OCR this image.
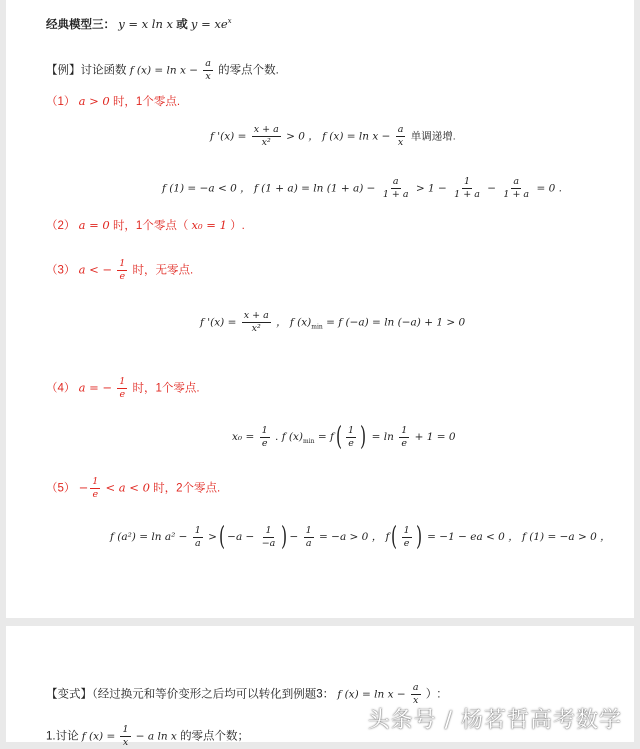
经典模型三： y = x ln x 或 $y = xe^x$
【例】讨论函数 f $(x) = \ln x - \frac{a}{x}$ 的零点个数.
（1） a > 0 时，1个零点.
f '$(x) = \frac{x + a}{\text{x²}} > 0$ ， f $(x) = \ln x - \frac{a}{x}$ 单调递增.
f (1) = −a < 0 ， f $(1 + a) = \ln (1 + a) - \frac{a}{1 + a} > 1 - \frac{1}{1 + a} - \frac{a}{1 + a} = 0$ .
（2） a = 0 时，1个零点（ x₀ = 1 ）.
（3） a < − $\frac{1}{e}$ 时，无零点.
f '$(x) = \frac{x + a}{\text{x²}}$ ， f $(x)_{min} = f$ (−a) = ln (−a) + 1 > 0
（4） a = − $\frac{1}{e}$ 时，1个零点.
$x_0 = \frac{1}{e}$ . f $(x)_{min} = f( \frac{1}{e}$ ) = $\ln \frac{1}{e} + 1 = 0$
$(5) - \frac{1}{e} < a < 0$ 时，2个零点.
f $(a^2) = \ln a^2 - \frac{1}{a}$ >( $-a - \frac{1}{-a}$ ) − $\frac{1}{a} = -a > 0$ ， $f( \frac{1}{e}$ ) = −1 − ea < 0 ， f (1) = −a > 0 ，
【变式】（经过换元和等价变形之后均可以转化到例题3： f $(x) = \ln x - \frac{a}{x}$ ）:
1.讨论 f $(x) = \frac{1}{x} - a$ ln x 的零点个数；
头条号 / 杨茗哲高考数学
